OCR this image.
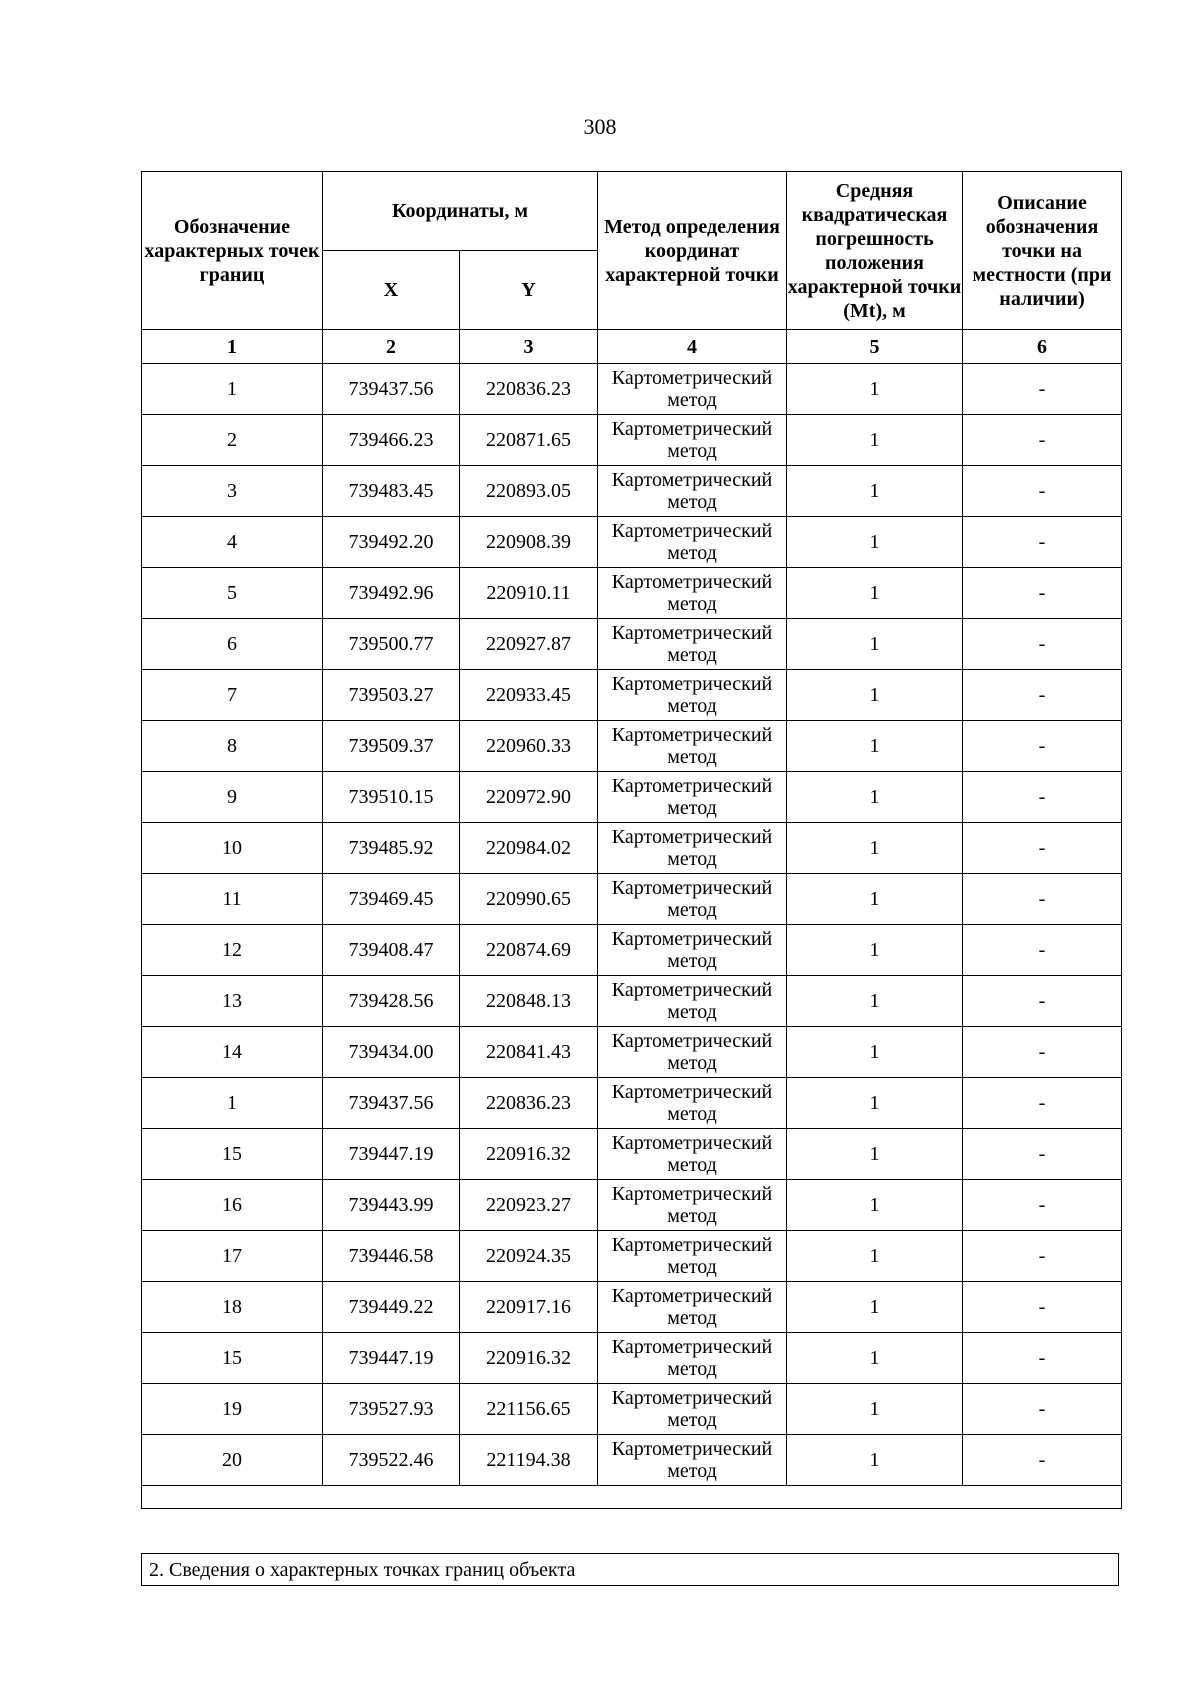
308
Обозначение характерных точек границ	Координаты, м		Метод определения координат характерной точки	Средняя квадратическая погрешность положения характерной точки (Mt), м	Описание обозначения точки на местности (при наличии)
	X	Y			
1	2	3	4	5	6
1	739437.56	220836.23	Картометрический метод	1	-
2	739466.23	220871.65	Картометрический метод	1	-
3	739483.45	220893.05	Картометрический метод	1	-
4	739492.20	220908.39	Картометрический метод	1	-
5	739492.96	220910.11	Картометрический метод	1	-
6	739500.77	220927.87	Картометрический метод	1	-
7	739503.27	220933.45	Картометрический метод	1	-
8	739509.37	220960.33	Картометрический метод	1	-
9	739510.15	220972.90	Картометрический метод	1	-
10	739485.92	220984.02	Картометрический метод	1	-
11	739469.45	220990.65	Картометрический метод	1	-
12	739408.47	220874.69	Картометрический метод	1	-
13	739428.56	220848.13	Картометрический метод	1	-
14	739434.00	220841.43	Картометрический метод	1	-
1	739437.56	220836.23	Картометрический метод	1	-
15	739447.19	220916.32	Картометрический метод	1	-
16	739443.99	220923.27	Картометрический метод	1	-
17	739446.58	220924.35	Картометрический метод	1	-
18	739449.22	220917.16	Картометрический метод	1	-
15	739447.19	220916.32	Картометрический метод	1	-
19	739527.93	221156.65	Картометрический метод	1	-
20	739522.46	221194.38	Картометрический метод	1	-

2. Сведения о характерных точках границ объекта
